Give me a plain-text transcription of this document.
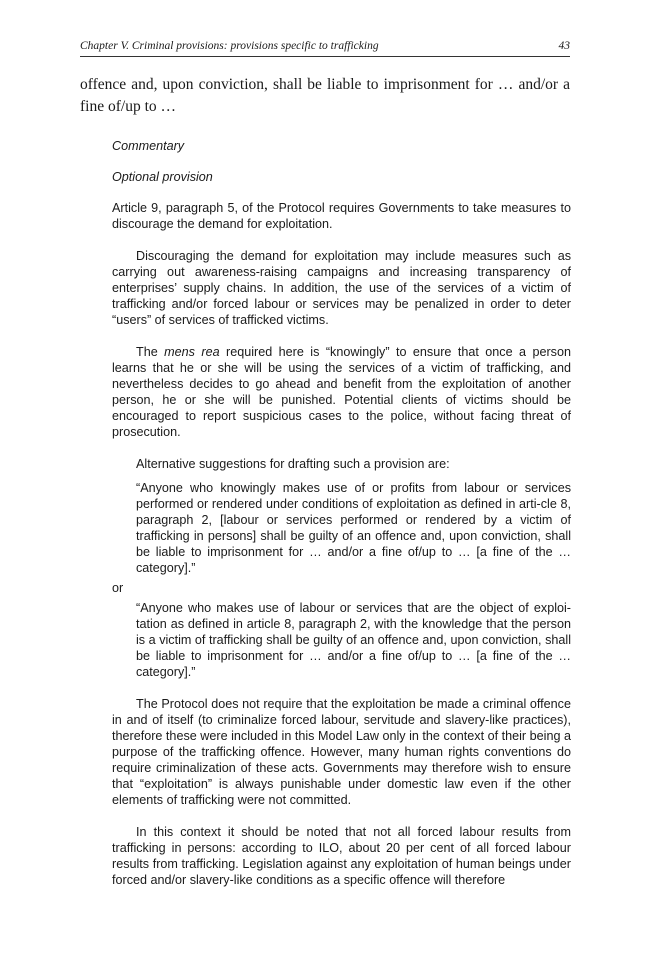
Chapter V. Criminal provisions: provisions specific to trafficking	43
offence and, upon conviction, shall be liable to imprisonment for … and/or a fine of/up to …

Commentary

Optional provision

Article 9, paragraph 5, of the Protocol requires Governments to take measures to discourage the demand for exploitation.

Discouraging the demand for exploitation may include measures such as carrying out awareness-raising campaigns and increasing transparency of enterprises’ supply chains. In addition, the use of the services of a victim of trafficking and/or forced labour or services may be penalized in order to deter “users” of services of trafficked victims.

The mens rea required here is “knowingly” to ensure that once a person learns that he or she will be using the services of a victim of trafficking, and nevertheless decides to go ahead and benefit from the exploitation of another person, he or she will be punished. Potential clients of victims should be encouraged to report suspicious cases to the police, without facing threat of prosecution.

Alternative suggestions for drafting such a provision are:

“Anyone who knowingly makes use of or profits from labour or services performed or rendered under conditions of exploitation as defined in arti-cle 8, paragraph 2, [labour or services performed or rendered by a victim of trafficking in persons] shall be guilty of an offence and, upon conviction, shall be liable to imprisonment for … and/or a fine of/up to … [a fine of the … category].”

or

“Anyone who makes use of labour or services that are the object of exploi-tation as defined in article 8, paragraph 2, with the knowledge that the person is a victim of trafficking shall be guilty of an offence and, upon conviction, shall be liable to imprisonment for … and/or a fine of/up to … [a fine of the … category].”

The Protocol does not require that the exploitation be made a criminal offence in and of itself (to criminalize forced labour, servitude and slavery-like practices), therefore these were included in this Model Law only in the context of their being a purpose of the trafficking offence. However, many human rights conventions do require criminalization of these acts. Governments may therefore wish to ensure that “exploitation” is always punishable under domestic law even if the other elements of trafficking were not committed.

In this context it should be noted that not all forced labour results from trafficking in persons: according to ILO, about 20 per cent of all forced labour results from trafficking. Legislation against any exploitation of human beings under forced and/or slavery-like conditions as a specific offence will therefore
